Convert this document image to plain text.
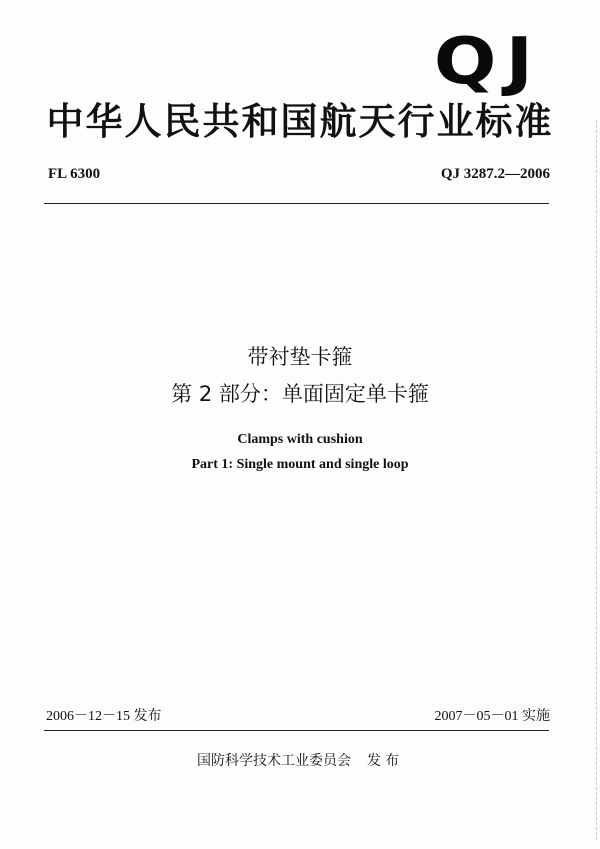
QJ
中华人民共和国航天行业标准
FL 6300	QJ 3287.2—2006
带衬垫卡箍
第 2 部分：单面固定单卡箍
Clamps with cushion
Part 1: Single mount and single loop
2006－12－15 发布	2007－05－01 实施
国防科学技术工业委员会 发布
